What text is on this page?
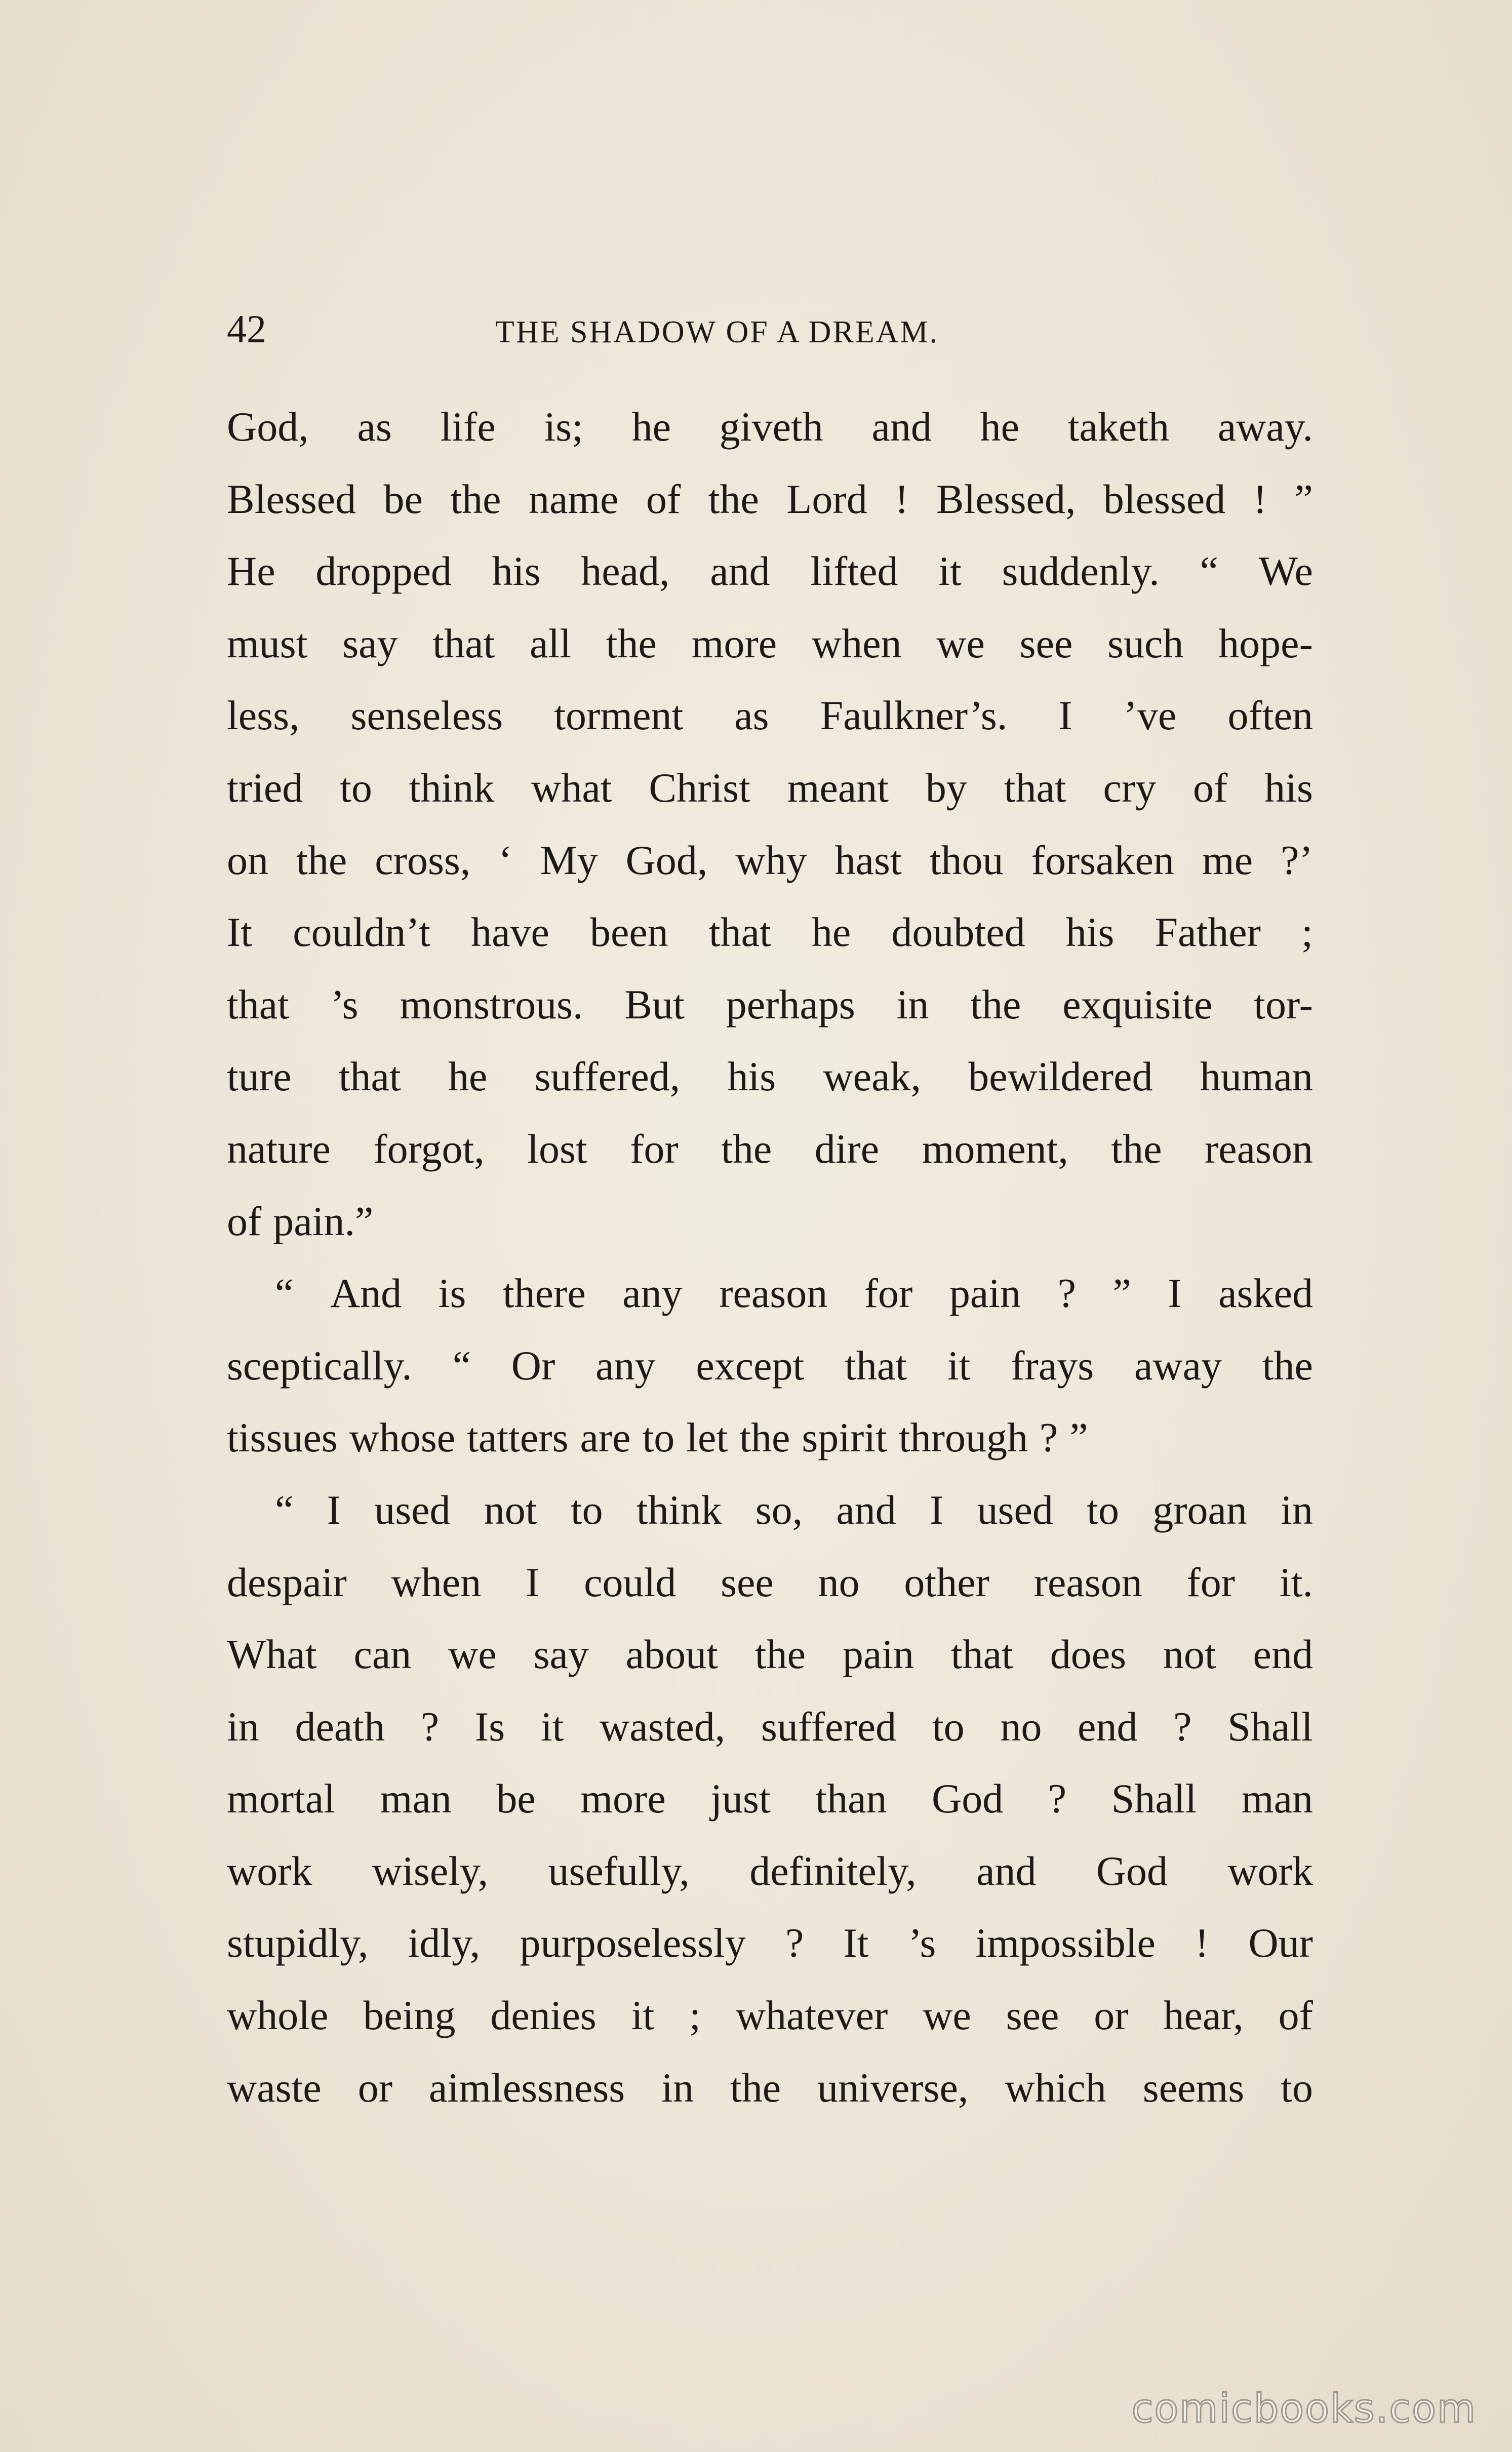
42	THE SHADOW OF A DREAM.
God, as life is; he giveth and he taketh away.
Blessed be the name of the Lord ! Blessed, blessed ! ”
He dropped his head, and lifted it suddenly. “ We
must say that all the more when we see such hope-
less, senseless torment as Faulkner’s. I ’ve often
tried to think what Christ meant by that cry of his
on the cross, ‘ My God, why hast thou forsaken me ?’
It couldn’t have been that he doubted his Father ;
that ’s monstrous. But perhaps in the exquisite tor-
ture that he suffered, his weak, bewildered human
nature forgot, lost for the dire moment, the reason
of pain.”
“ And is there any reason for pain ? ” I asked
sceptically. “ Or any except that it frays away the
tissues whose tatters are to let the spirit through ? ”
“ I used not to think so, and I used to groan in
despair when I could see no other reason for it.
What can we say about the pain that does not end
in death ? Is it wasted, suffered to no end ? Shall
mortal man be more just than God ? Shall man
work wisely, usefully, definitely, and God work
stupidly, idly, purposelessly ? It ’s impossible ! Our
whole being denies it ; whatever we see or hear, of
waste or aimlessness in the universe, which seems to
comicbooks.com
